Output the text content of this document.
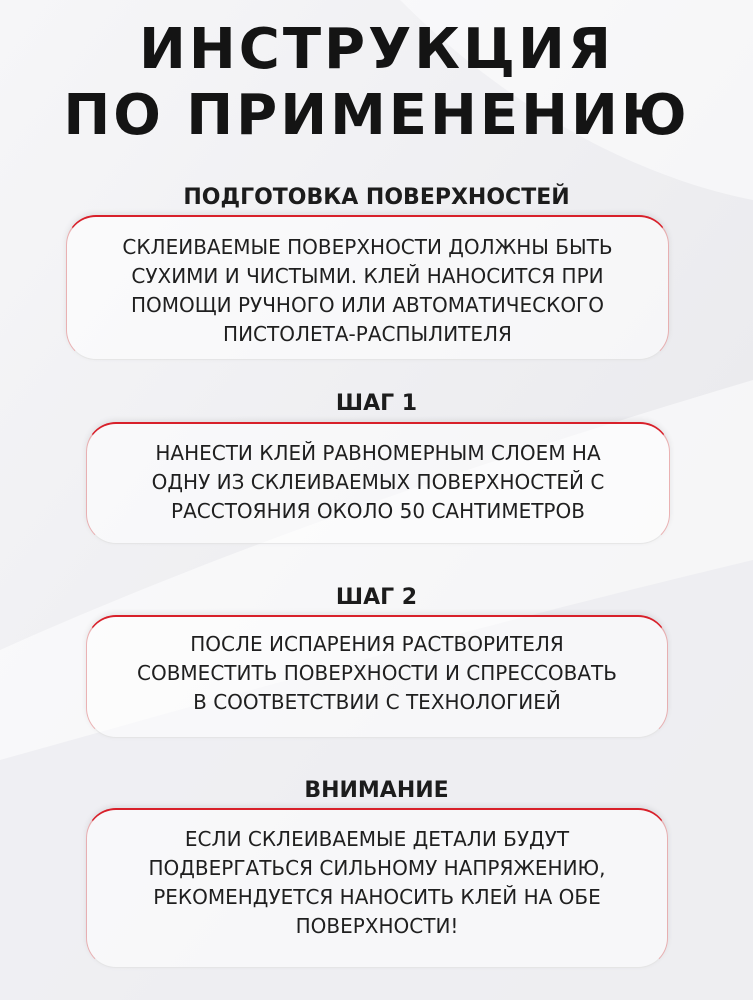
ИНСТРУКЦИЯ
ПО ПРИМЕНЕНИЮ
ПОДГОТОВКА ПОВЕРХНОСТЕЙ
СКЛЕИВАЕМЫЕ ПОВЕРХНОСТИ ДОЛЖНЫ БЫТЬ
СУХИМИ И ЧИСТЫМИ. КЛЕЙ НАНОСИТСЯ ПРИ
ПОМОЩИ РУЧНОГО ИЛИ АВТОМАТИЧЕСКОГО
ПИСТОЛЕТА-РАСПЫЛИТЕЛЯ
ШАГ 1
НАНЕСТИ КЛЕЙ РАВНОМЕРНЫМ СЛОЕМ НА
ОДНУ ИЗ СКЛЕИВАЕМЫХ ПОВЕРХНОСТЕЙ С
РАССТОЯНИЯ ОКОЛО 50 САНТИМЕТРОВ
ШАГ 2
ПОСЛЕ ИСПАРЕНИЯ РАСТВОРИТЕЛЯ
СОВМЕСТИТЬ ПОВЕРХНОСТИ И СПРЕССОВАТЬ
В СООТВЕТСТВИИ С ТЕХНОЛОГИЕЙ
ВНИМАНИЕ
ЕСЛИ СКЛЕИВАЕМЫЕ ДЕТАЛИ БУДУТ
ПОДВЕРГАТЬСЯ СИЛЬНОМУ НАПРЯЖЕНИЮ,
РЕКОМЕНДУЕТСЯ НАНОСИТЬ КЛЕЙ НА ОБЕ
ПОВЕРХНОСТИ!
